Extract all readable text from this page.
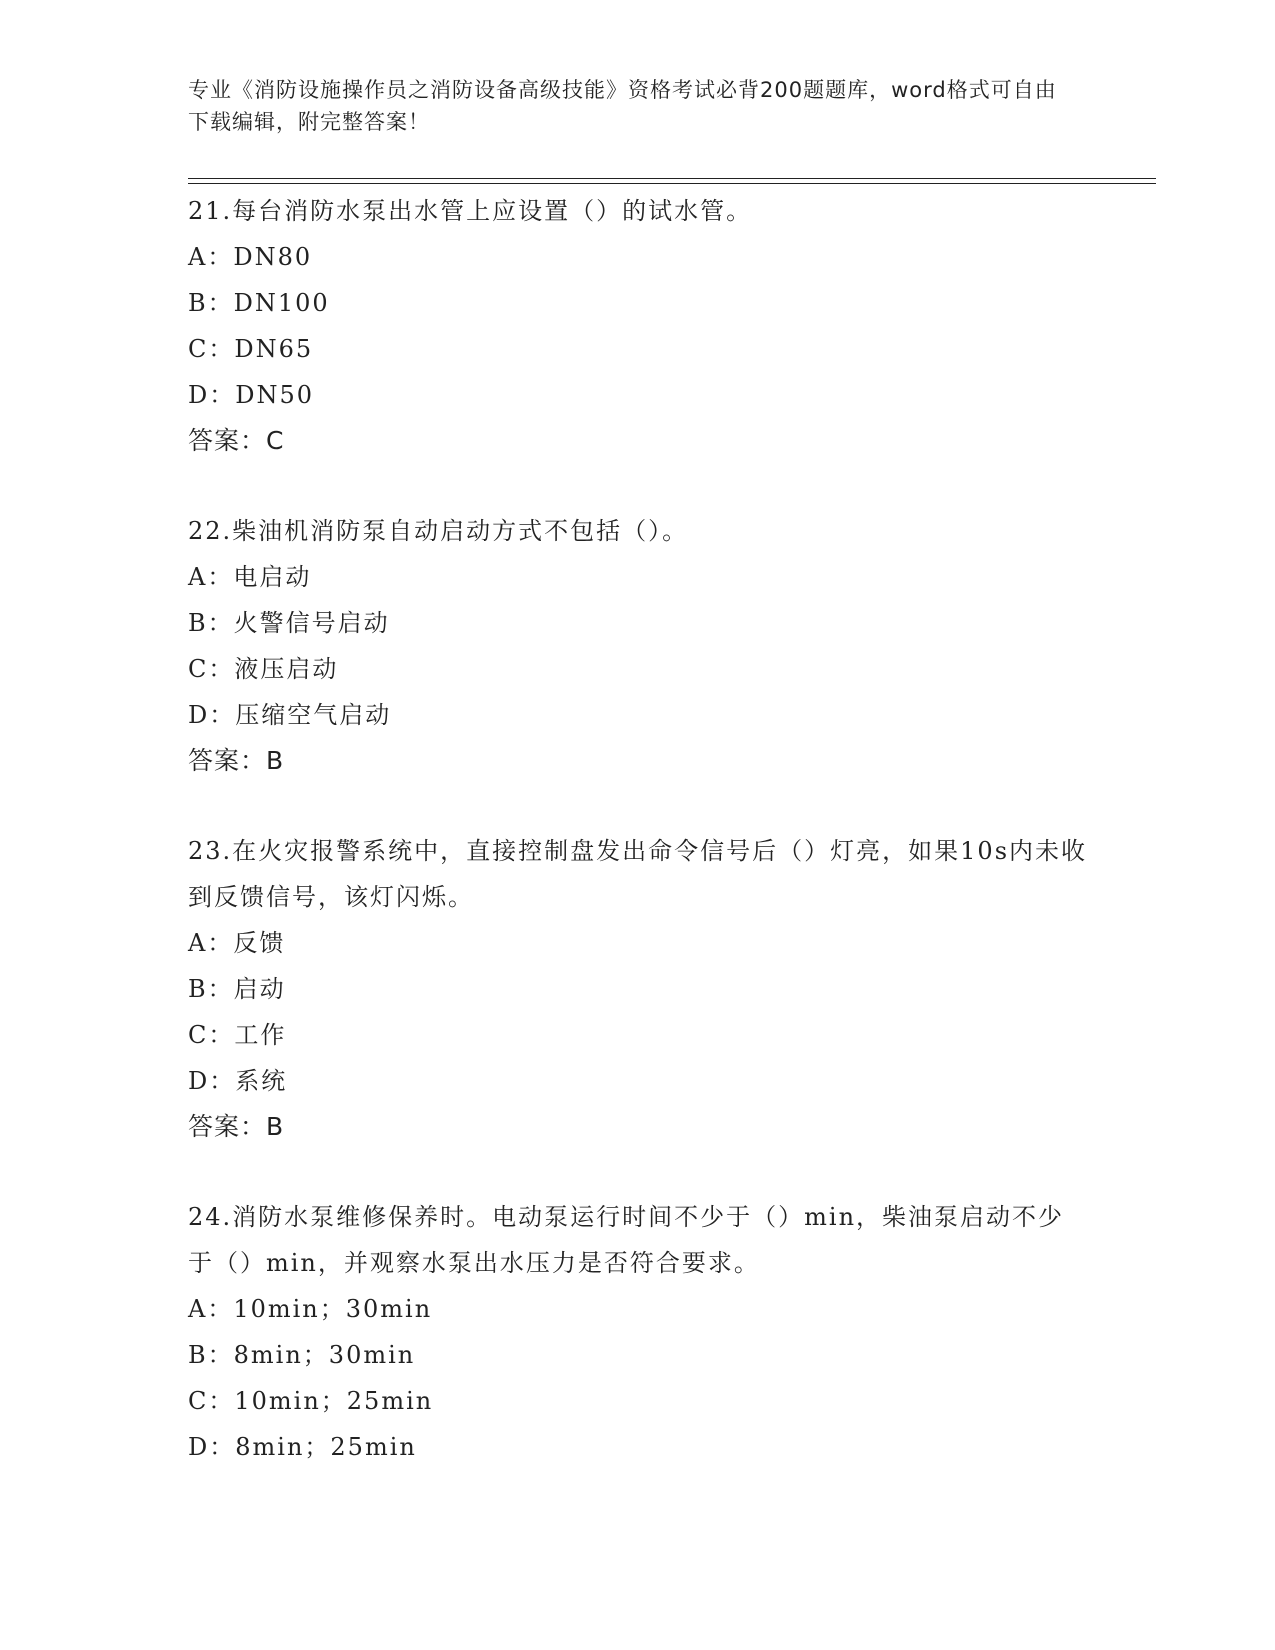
专业《消防设施操作员之消防设备高级技能》资格考试必背200题题库，word格式可自由下载编辑，附完整答案！
21.每台消防水泵出水管上应设置（）的试水管。
A：DN80
B：DN100
C：DN65
D：DN50
答案：C
22.柴油机消防泵自动启动方式不包括（）。
A：电启动
B：火警信号启动
C：液压启动
D：压缩空气启动
答案：B
23.在火灾报警系统中，直接控制盘发出命令信号后（）灯亮，如果10s内未收到反馈信号，该灯闪烁。
A：反馈
B：启动
C：工作
D：系统
答案：B
24.消防水泵维修保养时。电动泵运行时间不少于（）min，柴油泵启动不少于（）min，并观察水泵出水压力是否符合要求。
A：10min；30min
B：8min；30min
C：10min；25min
D：8min；25min
